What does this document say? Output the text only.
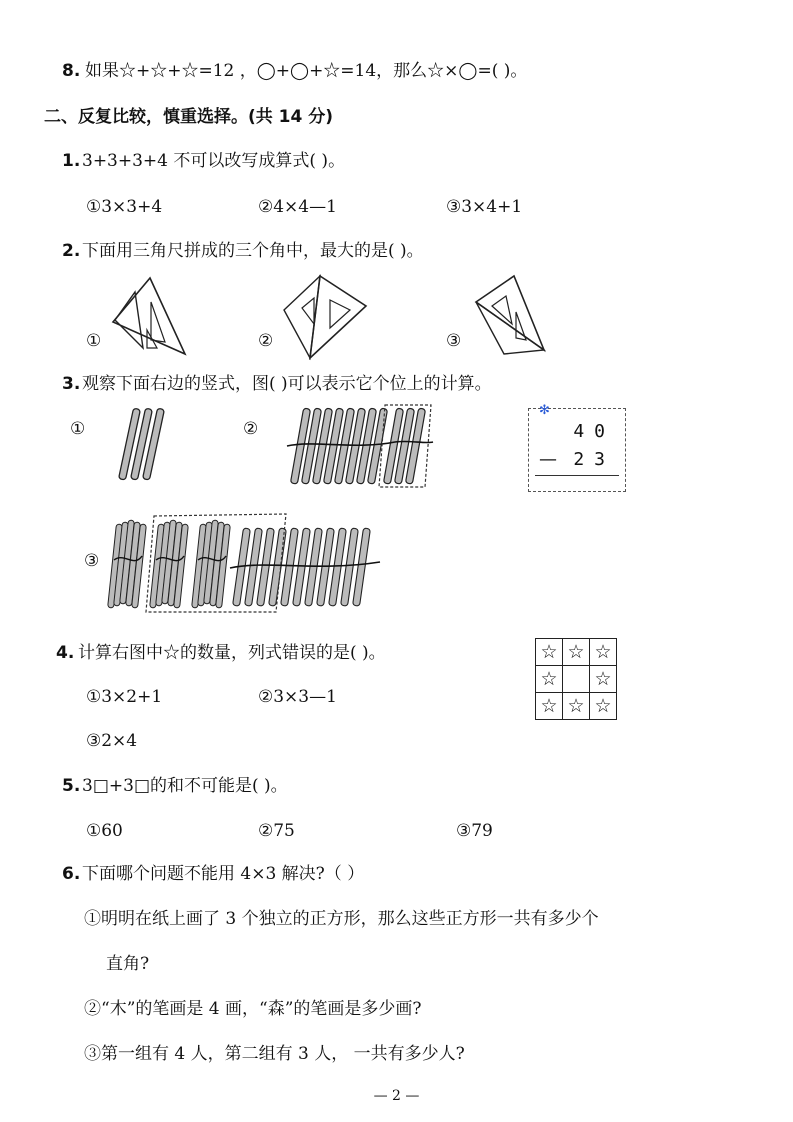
8. 如果☆+☆+☆=12 ，◯+◯+☆=14，那么☆×◯=( )。
二、反复比较，慎重选择。(共 14 分)
1. 3+3+3+4 不可以改写成算式( )。
①3×3+4	②4×4—1	③3×4+1
2. 下面用三角尺拼成的三个角中，最大的是( )。
①	②	③
3. 观察下面右边的竖式，图( )可以表示它个位上的计算。
①	②
✻
40
— 23
③
4. 计算右图中☆的数量，列式错误的是( )。
①3×2+1	②3×3—1
③2×4
☆	☆	☆
☆		☆
☆	☆	☆
5. 3□+3□的和不可能是( )。
①60	②75	③79
6. 下面哪个问题不能用 4×3 解决?（ ）
①明明在纸上画了 3 个独立的正方形，那么这些正方形一共有多少个
直角?
②“木”的笔画是 4 画，“森”的笔画是多少画?
③第一组有 4 人，第二组有 3 人， 一共有多少人?
— 2 —
